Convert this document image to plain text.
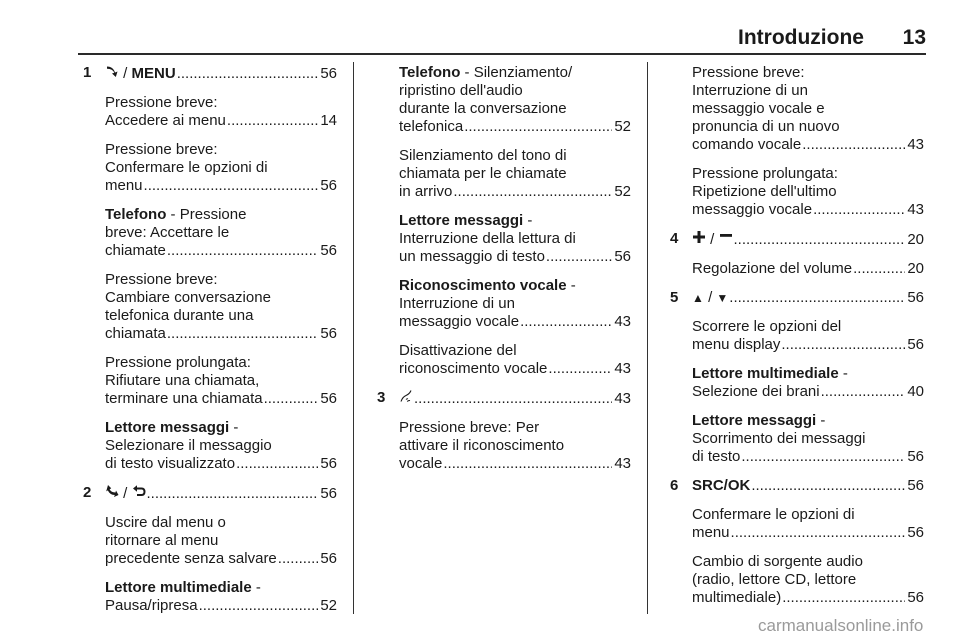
Introduzione 13
1
/
MENU .....	56
Pressione breve:
Accedere ai menu .....	14
Pressione breve:
Confermare le opzioni di
menu .....	56
Telefono - Pressione
breve: Accettare le
chiamate .....	56
Pressione breve:
Cambiare conversazione
telefonica durante una
chiamata .....	56
Pressione prolungata:
Rifiutare una chiamata,
terminare una chiamata .....	56
Lettore messaggi -
Selezionare il messaggio
di testo visualizzato .....	56
2
/
.....	56
Uscire dal menu o
ritornare al menu
precedente senza salvare .....	56
Lettore multimediale -
Pausa/ripresa .....	52
Telefono - Silenziamento/
ripristino dell'audio
durante la conversazione
telefonica .....	52
Silenziamento del tono di
chiamata per le chiamate
in arrivo .....	52
Lettore messaggi -
Interruzione della lettura di
un messaggio di testo .....	56
Riconoscimento vocale -
Interruzione di un
messaggio vocale .....	43
Disattivazione del
riconoscimento vocale .....	43
3 .....	43
Pressione breve: Per
attivare il riconoscimento
vocale .....	43
Pressione breve:
Interruzione di un
messaggio vocale e
pronuncia di un nuovo
comando vocale .....	43
Pressione prolungata:
Ripetizione dell'ultimo
messaggio vocale .....	43
4
/
.....	20
Regolazione del volume .....	20
5 ▲
/
▼ .....	56
Scorrere le opzioni del
menu display .....	56
Lettore multimediale -
Selezione dei brani .....	40
Lettore messaggi -
Scorrimento dei messaggi
di testo .....	56
6 SRC/OK .....	56
Confermare le opzioni di
menu .....	56
Cambio di sorgente audio
(radio, lettore CD, lettore
multimediale) .....	56
carmanualsonline.info
